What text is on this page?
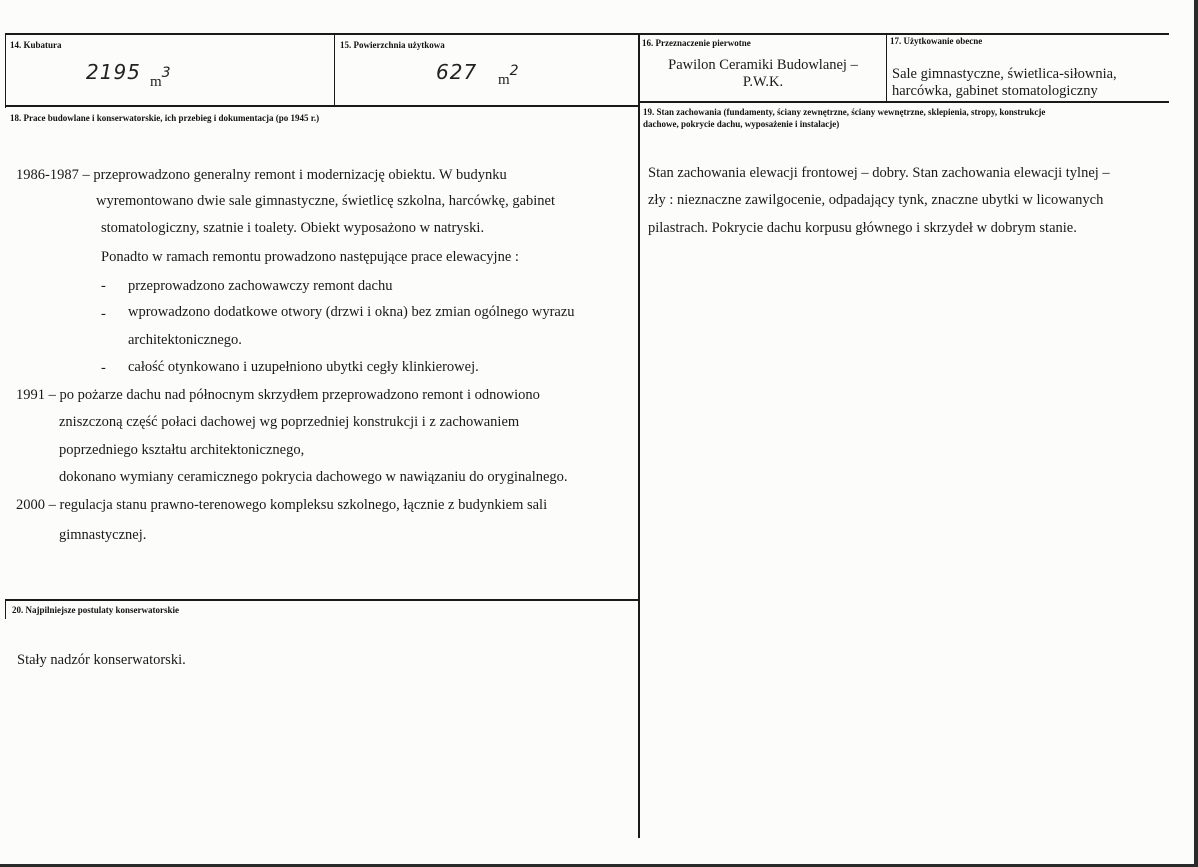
14. Kubatura
2195 $m^3$
15. Powierzchnia użytkowa
627 $m^2$
16. Przeznaczenie pierwotne
Pawilon Ceramiki Budowlanej –
P.W.K.
17. Użytkowanie obecne
Sale gimnastyczne, świetlica-siłownia,
harcówka, gabinet stomatologiczny
18. Prace budowlane i konserwatorskie, ich przebieg i dokumentacja (po 1945 r.)
1986-1987 – przeprowadzono generalny remont i modernizację obiektu. W budynku
wyremontowano dwie sale gimnastyczne, świetlicę szkolna, harcówkę, gabinet
stomatologiczny, szatnie i toalety. Obiekt wyposażono w natryski.
Ponadto w ramach remontu prowadzono następujące prace elewacyjne :
- przeprowadzono zachowawczy remont dachu
- wprowadzono dodatkowe otwory (drzwi i okna) bez zmian ogólnego wyrazu
architektonicznego.
- całość otynkowano i uzupełniono ubytki cegły klinkierowej.
1991 – po pożarze dachu nad północnym skrzydłem przeprowadzono remont i odnowiono
zniszczoną część połaci dachowej wg poprzedniej konstrukcji i z zachowaniem
poprzedniego kształtu architektonicznego,
dokonano wymiany ceramicznego pokrycia dachowego w nawiązaniu do oryginalnego.
2000 – regulacja stanu prawno-terenowego kompleksu szkolnego, łącznie z budynkiem sali
gimnastycznej.
19. Stan zachowania (fundamenty, ściany zewnętrzne, ściany wewnętrzne, sklepienia, stropy, konstrukcje
dachowe, pokrycie dachu, wyposażenie i instalacje)
Stan zachowania elewacji frontowej – dobry. Stan zachowania elewacji tylnej –
zły : nieznaczne zawilgocenie, odpadający tynk, znaczne ubytki w licowanych
pilastrach. Pokrycie dachu korpusu głównego i skrzydeł w dobrym stanie.
20. Najpilniejsze postulaty konserwatorskie
Stały nadzór konserwatorski.
